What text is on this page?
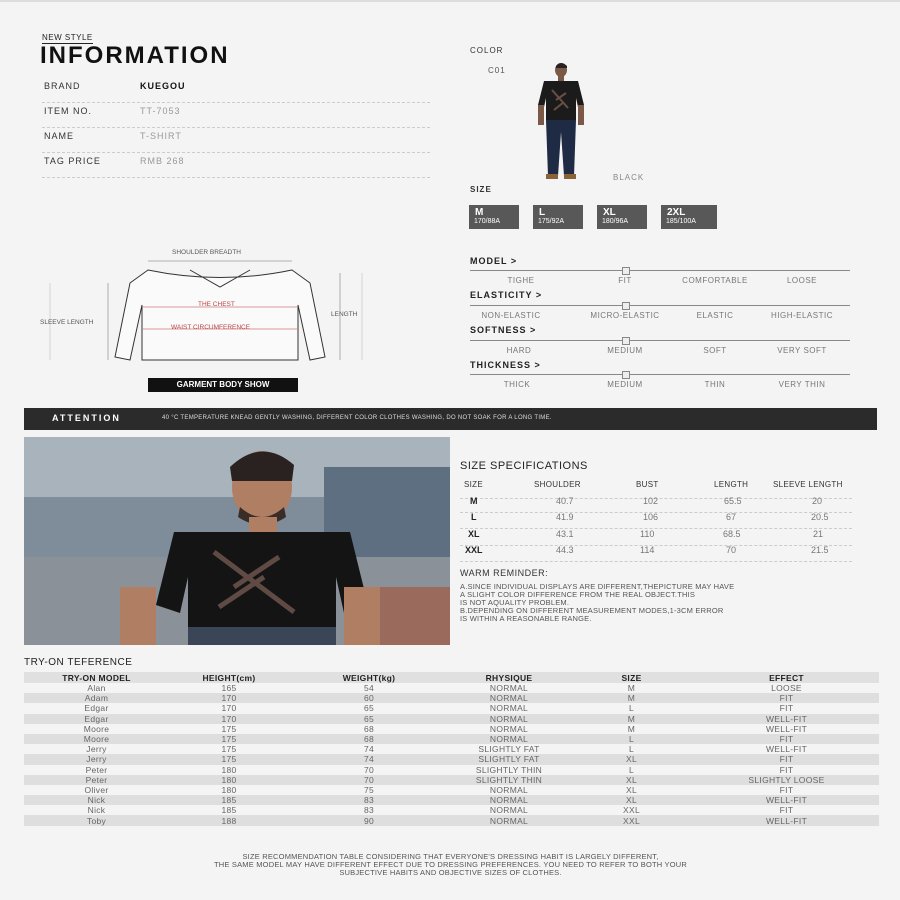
NEW STYLE
INFORMATION
BRAND	KUEGOU
ITEM NO.	TT-7053
NAME	T-SHIRT
TAG PRICE	RMB 268
COLOR
C01
BLACK
SIZE
M
170/88A
L
175/92A
XL
180/96A
2XL
185/100A
SHOULDER BREADTH
THE CHEST
WAIST CIRCUMFERENCE
SLEEVE LENGTH
LENGTH
GARMENT BODY SHOW
MODEL >
TIGHE	FIT	COMFORTABLE	LOOSE
ELASTICITY >
NON-ELASTIC	MICRO-ELASTIC	ELASTIC	HIGH-ELASTIC
SOFTNESS >
HARD	MEDIUM	SOFT	VERY SOFT
THICKNESS >
THICK	MEDIUM	THIN	VERY THIN
ATTENTION	40 °C TEMPERATURE KNEAD GENTLY WASHING, DIFFERENT COLOR CLOTHES WASHING, DO NOT SOAK FOR A LONG TIME.
SIZE SPECIFICATIONS
SIZE	SHOULDER	BUST	LENGTH	SLEEVE LENGTH
M	40.7	102	65.5	20
L	41.9	106	67	20.5
XL	43.1	110	68.5	21
XXL	44.3	114	70	21.5
WARM REMINDER:
A.SINCE INDIVIDUAL DISPLAYS ARE DIFFERENT,THEPICTURE MAY HAVE
A SLIGHT COLOR DIFFERENCE FROM THE REAL OBJECT.THIS
IS NOT AQUALITY PROBLEM.
B.DEPENDING ON DIFFERENT MEASUREMENT MODES,1-3CM ERROR
IS WITHIN A REASONABLE RANGE.
TRY-ON TEFERENCE
TRY-ON MODEL	HEIGHT(cm)	WEIGHT(kg)	RHYSIQUE	SIZE	EFFECT
Alan	165	54	NORMAL	M	LOOSE
Adam	170	60	NORMAL	M	FIT
Edgar	170	65	NORMAL	L	FIT
Edgar	170	65	NORMAL	M	WELL-FIT
Moore	175	68	NORMAL	M	WELL-FIT
Moore	175	68	NORMAL	L	FIT
Jerry	175	74	SLIGHTLY FAT	L	WELL-FIT
Jerry	175	74	SLIGHTLY FAT	XL	FIT
Peter	180	70	SLIGHTLY THIN	L	FIT
Peter	180	70	SLIGHTLY THIN	XL	SLIGHTLY LOOSE
Oliver	180	75	NORMAL	XL	FIT
Nick	185	83	NORMAL	XL	WELL-FIT
Nick	185	83	NORMAL	XXL	FIT
Toby	188	90	NORMAL	XXL	WELL-FIT
SIZE RECOMMENDATION TABLE CONSIDERING THAT EVERYONE'S DRESSING HABIT IS LARGELY DIFFERENT,
THE SAME MODEL MAY HAVE DIFFERENT EFFECT DUE TO DRESSING PREFERENCES. YOU NEED TO REFER TO BOTH YOUR
SUBJECTIVE HABITS AND OBJECTIVE SIZES OF CLOTHES.
